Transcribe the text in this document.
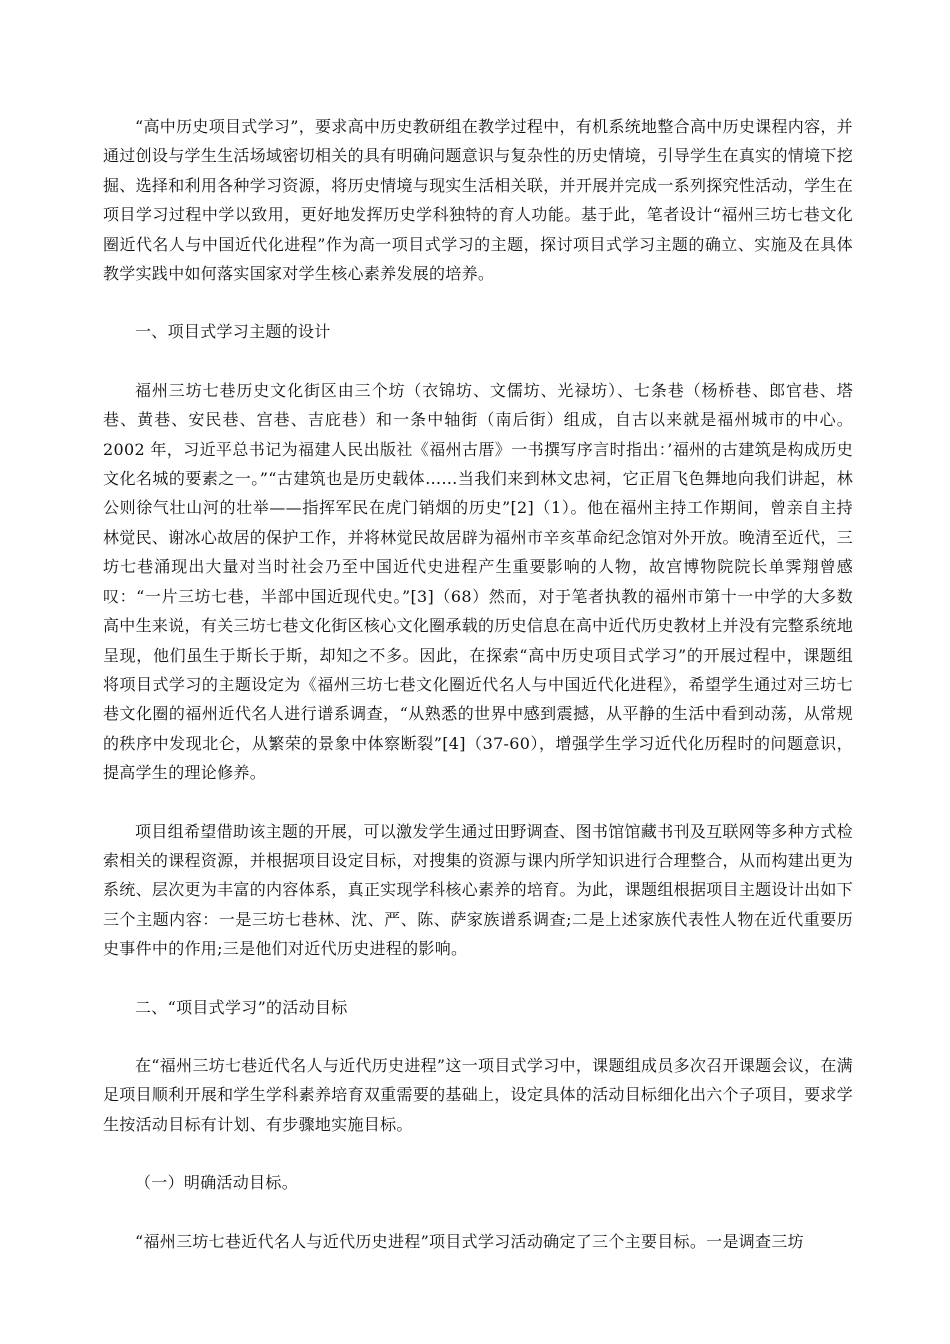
“高中历史项目式学习”，要求高中历史教研组在教学过程中，有机系统地整合高中历史课程内容，并通过创设与学生生活场域密切相关的具有明确问题意识与复杂性的历史情境，引导学生在真实的情境下挖掘、选择和利用各种学习资源，将历史情境与现实生活相关联，并开展并完成一系列探究性活动，学生在项目学习过程中学以致用，更好地发挥历史学科独特的育人功能。基于此，笔者设计“福州三坊七巷文化圈近代名人与中国近代化进程”作为高一项目式学习的主题，探讨项目式学习主题的确立、实施及在具体教学实践中如何落实国家对学生核心素养发展的培养。

一、项目式学习主题的设计

福州三坊七巷历史文化街区由三个坊（衣锦坊、文儒坊、光禄坊）、七条巷（杨桥巷、郎官巷、塔巷、黄巷、安民巷、宫巷、吉庇巷）和一条中轴街（南后街）组成，自古以来就是福州城市的中心。2002 年，习近平总书记为福建人民出版社《福州古厝》一书撰写序言时指出：’福州的古建筑是构成历史文化名城的要素之一。”“古建筑也是历史载体……当我们来到林文忠祠，它正眉飞色舞地向我们讲起，林公则徐气壮山河的壮举——指挥军民在虎门销烟的历史”[2]（1）。他在福州主持工作期间，曾亲自主持林觉民、谢冰心故居的保护工作，并将林觉民故居辟为福州市辛亥革命纪念馆对外开放。晚清至近代，三坊七巷涌现出大量对当时社会乃至中国近代史进程产生重要影响的人物，故宫博物院院长单霁翔曾感叹：“一片三坊七巷，半部中国近现代史。”[3]（68）然而，对于笔者执教的福州市第十一中学的大多数高中生来说，有关三坊七巷文化街区核心文化圈承载的历史信息在高中近代历史教材上并没有完整系统地呈现，他们虽生于斯长于斯，却知之不多。因此，在探索“高中历史项目式学习”的开展过程中，课题组将项目式学习的主题设定为《福州三坊七巷文化圈近代名人与中国近代化进程》，希望学生通过对三坊七巷文化圈的福州近代名人进行谱系调查，“从熟悉的世界中感到震撼，从平静的生活中看到动荡，从常规的秩序中发现北仑，从繁荣的景象中体察断裂”[4]（37-60），增强学生学习近代化历程时的问题意识，提高学生的理论修养。

项目组希望借助该主题的开展，可以激发学生通过田野调查、图书馆馆藏书刊及互联网等多种方式检索相关的课程资源，并根据项目设定目标，对搜集的资源与课内所学知识进行合理整合，从而构建出更为系统、层次更为丰富的内容体系，真正实现学科核心素养的培育。为此，课题组根据项目主题设计出如下三个主题内容：一是三坊七巷林、沈、严、陈、萨家族谱系调查;二是上述家族代表性人物在近代重要历史事件中的作用;三是他们对近代历史进程的影响。

二、“项目式学习”的活动目标

在“福州三坊七巷近代名人与近代历史进程”这一项目式学习中，课题组成员多次召开课题会议，在满足项目顺利开展和学生学科素养培育双重需要的基础上，设定具体的活动目标细化出六个子项目，要求学生按活动目标有计划、有步骤地实施目标。

（一）明确活动目标。

“福州三坊七巷近代名人与近代历史进程”项目式学习活动确定了三个主要目标。一是调查三坊
